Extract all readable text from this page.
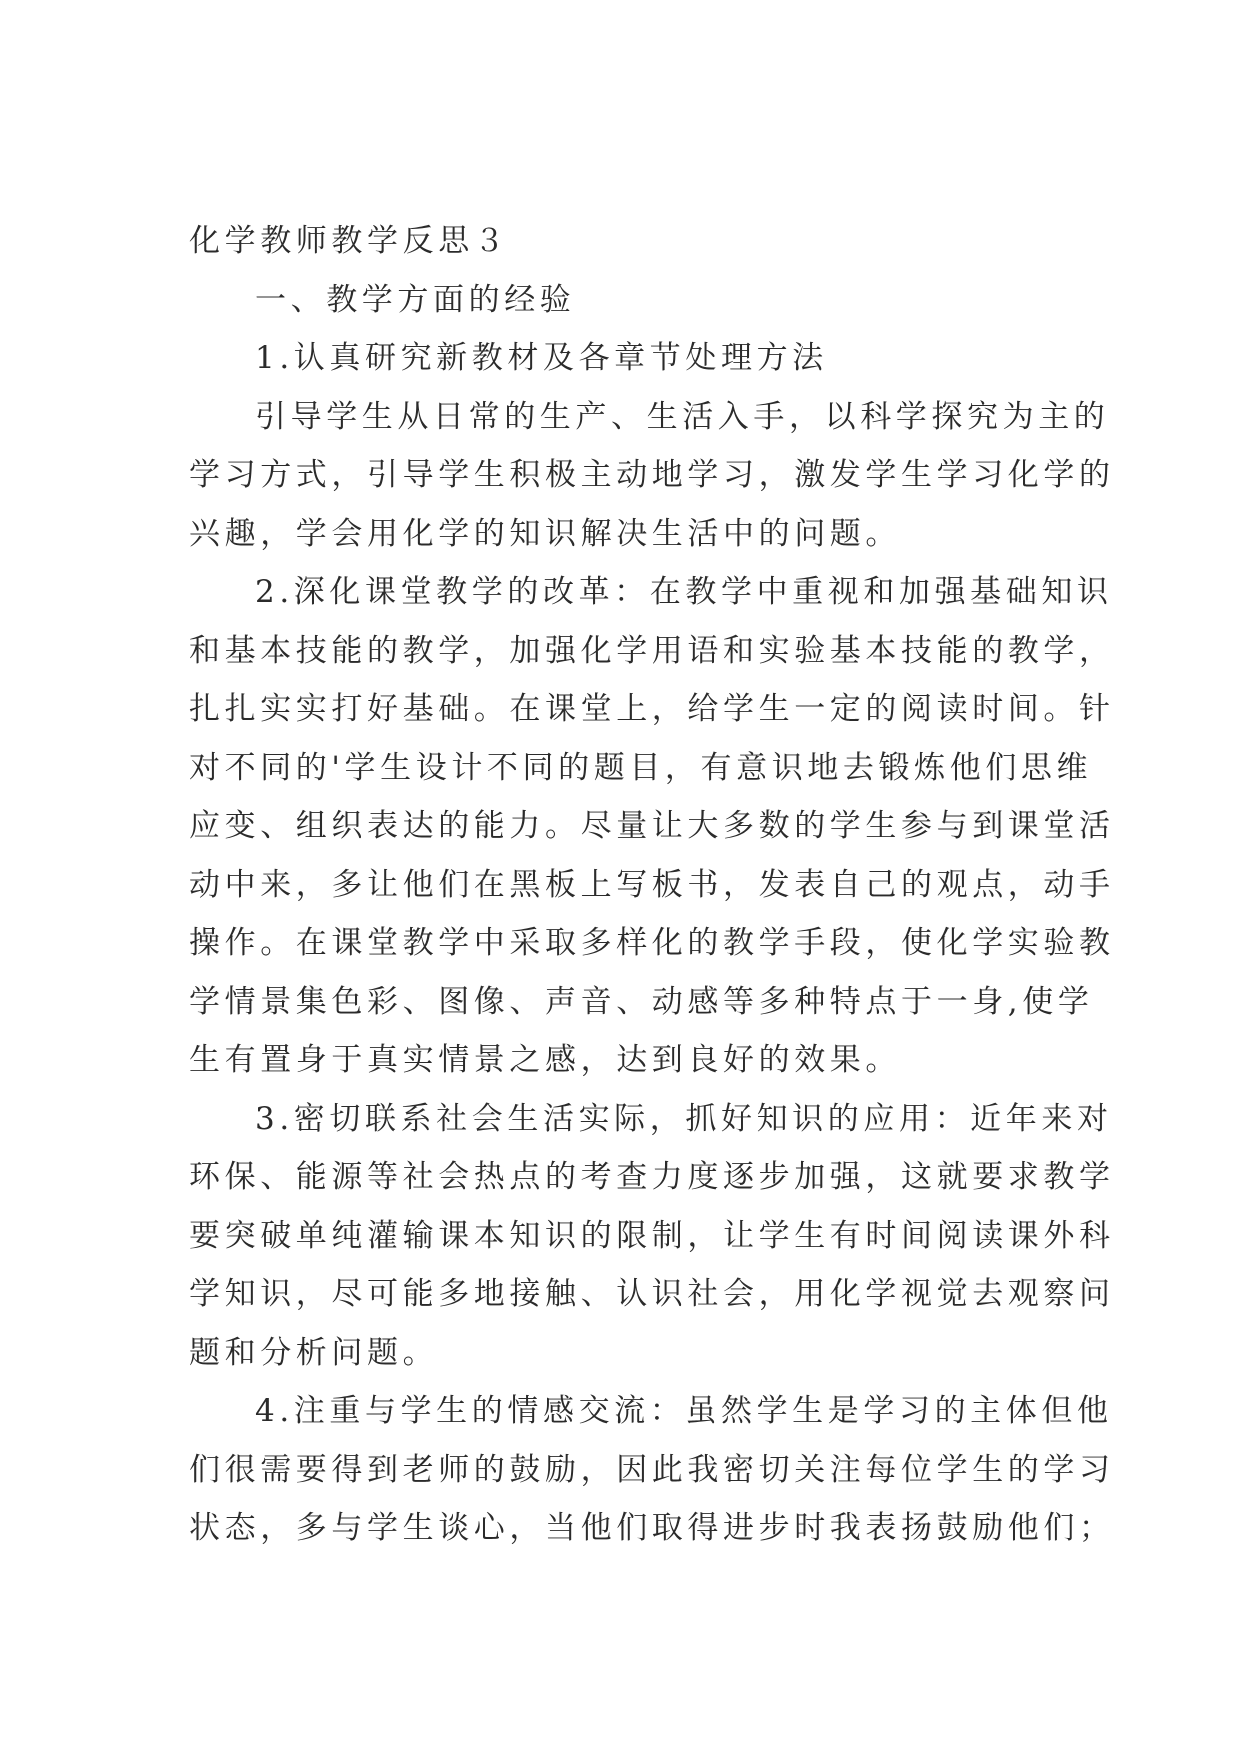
化学教师教学反思３
一、教学方面的经验
1.认真研究新教材及各章节处理方法
引导学生从日常的生产、生活入手，以科学探究为主的
学习方式，引导学生积极主动地学习，激发学生学习化学的
兴趣，学会用化学的知识解决生活中的问题。
2.深化课堂教学的改革：在教学中重视和加强基础知识
和基本技能的教学，加强化学用语和实验基本技能的教学，
扎扎实实打好基础。在课堂上，给学生一定的阅读时间。针
对不同的'学生设计不同的题目，有意识地去锻炼他们思维
应变、组织表达的能力。尽量让大多数的学生参与到课堂活
动中来，多让他们在黑板上写板书，发表自己的观点，动手
操作。在课堂教学中采取多样化的教学手段，使化学实验教
学情景集色彩、图像、声音、动感等多种特点于一身,使学
生有置身于真实情景之感，达到良好的效果。
3.密切联系社会生活实际，抓好知识的应用：近年来对
环保、能源等社会热点的考查力度逐步加强，这就要求教学
要突破单纯灌输课本知识的限制，让学生有时间阅读课外科
学知识，尽可能多地接触、认识社会，用化学视觉去观察问
题和分析问题。
4.注重与学生的情感交流：虽然学生是学习的主体但他
们很需要得到老师的鼓励，因此我密切关注每位学生的学习
状态，多与学生谈心，当他们取得进步时我表扬鼓励他们；
